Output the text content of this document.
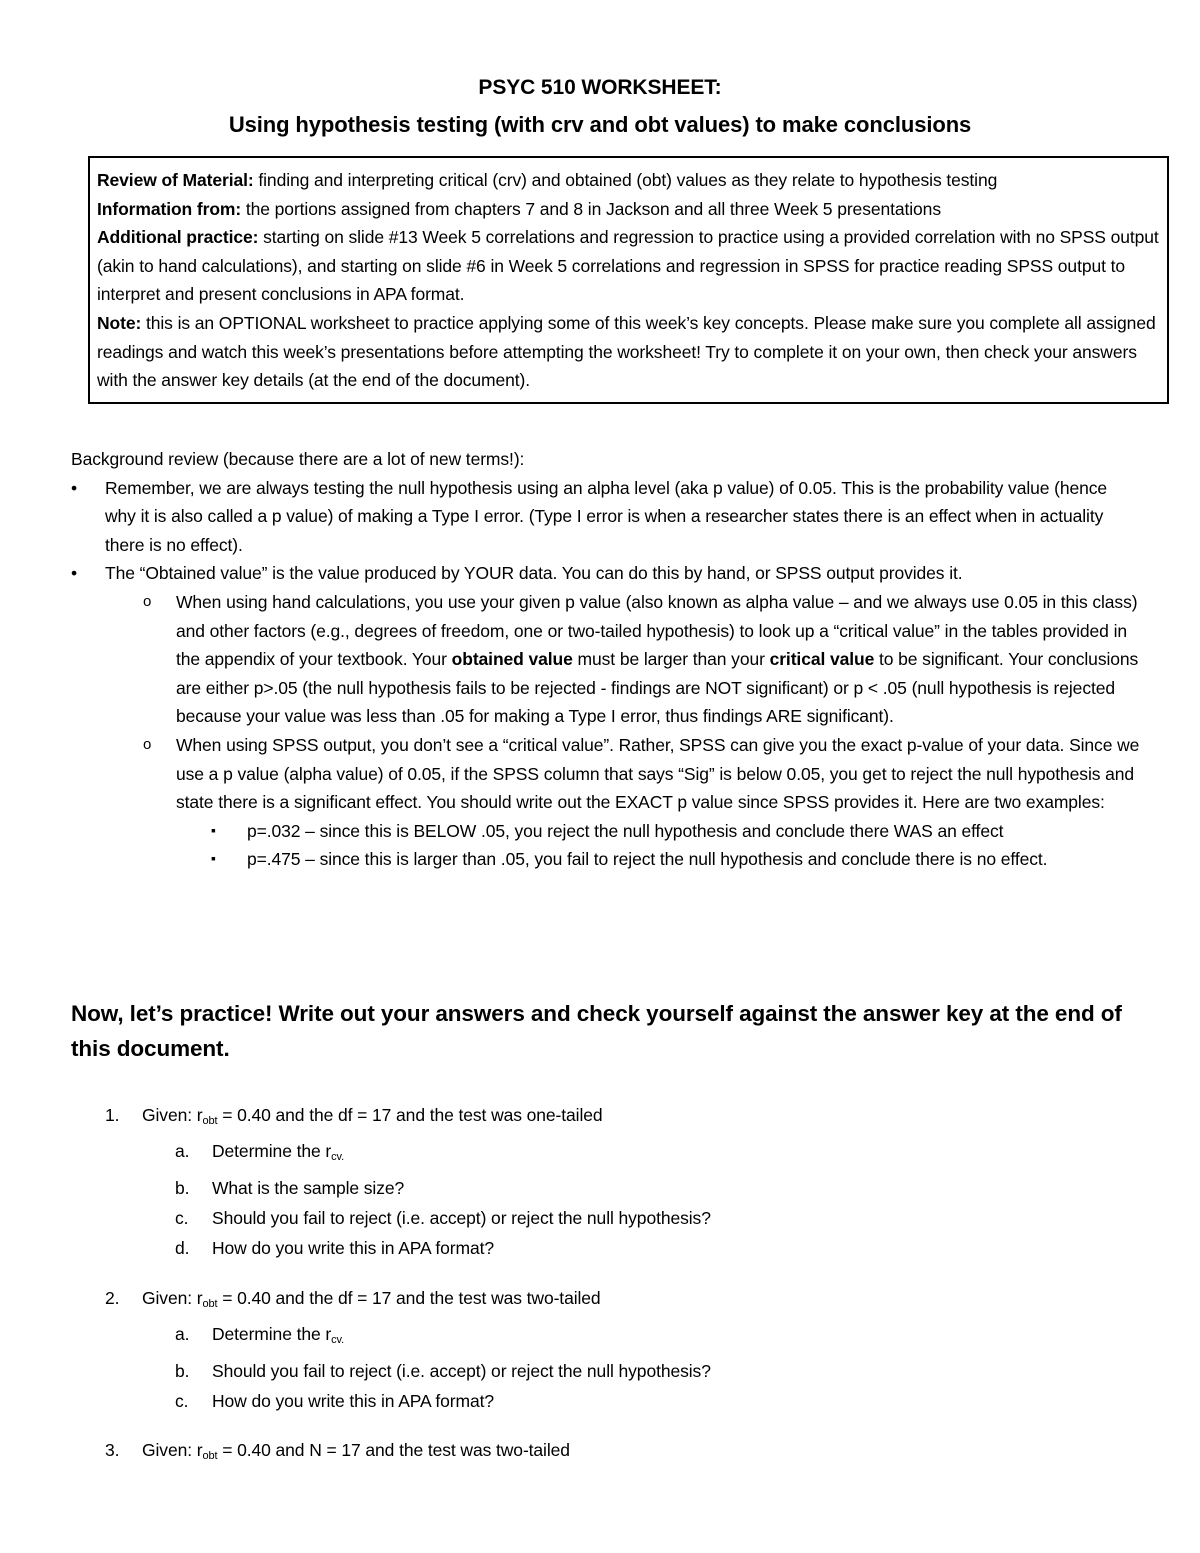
PSYC 510 WORKSHEET:
Using hypothesis testing (with crv and obt values) to make conclusions

Review of Material: finding and interpreting critical (crv) and obtained (obt) values as they relate to hypothesis testing

Information from: the portions assigned from chapters 7 and 8 in Jackson and all three Week 5 presentations

Additional practice: starting on slide #13 Week 5 correlations and regression to practice using a provided correlation with no SPSS output (akin to hand calculations), and starting on slide #6 in Week 5 correlations and regression in SPSS for practice reading SPSS output to interpret and present conclusions in APA format.

Note: this is an OPTIONAL worksheet to practice applying some of this week’s key concepts. Please make sure you complete all assigned readings and watch this week’s presentations before attempting the worksheet! Try to complete it on your own, then check your answers with the answer key details (at the end of the document).

Background review (because there are a lot of new terms!):

• Remember, we are always testing the null hypothesis using an alpha level (aka p value) of 0.05. This is the probability value (hence why it is also called a p value) of making a Type I error. (Type I error is when a researcher states there is an effect when in actuality there is no effect).
• The “Obtained value” is the value produced by YOUR data. You can do this by hand, or SPSS output provides it.
o When using hand calculations, you use your given p value (also known as alpha value – and we always use 0.05 in this class) and other factors (e.g., degrees of freedom, one or two-tailed hypothesis) to look up a “critical value” in the tables provided in the appendix of your textbook. Your obtained value must be larger than your critical value to be significant. Your conclusions are either p>.05 (the null hypothesis fails to be rejected - findings are NOT significant) or p < .05 (null hypothesis is rejected because your value was less than .05 for making a Type I error, thus findings ARE significant).
o When using SPSS output, you don’t see a “critical value”. Rather, SPSS can give you the exact p-value of your data. Since we use a p value (alpha value) of 0.05, if the SPSS column that says “Sig” is below 0.05, you get to reject the null hypothesis and state there is a significant effect. You should write out the EXACT p value since SPSS provides it. Here are two examples:
▪ p=.032 – since this is BELOW .05, you reject the null hypothesis and conclude there WAS an effect
▪ p=.475 – since this is larger than .05, you fail to reject the null hypothesis and conclude there is no effect.
Now, let’s practice! Write out your answers and check yourself against the answer key at the end of this document.
1.	Given: $r_{obt} = 0.40$ and the df = 17 and the test was one-tailed
a. Determine the $r_{cv.}$
b. What is the sample size?
c. Should you fail to reject (i.e. accept) or reject the null hypothesis?
d. How do you write this in APA format?
2.	Given: $r_{obt} = 0.40$ and the df = 17 and the test was two-tailed
a. Determine the $r_{cv.}$
b. Should you fail to reject (i.e. accept) or reject the null hypothesis?
c. How do you write this in APA format?
3.	Given: $r_{obt} = 0.40$ and N = 17 and the test was two-tailed
